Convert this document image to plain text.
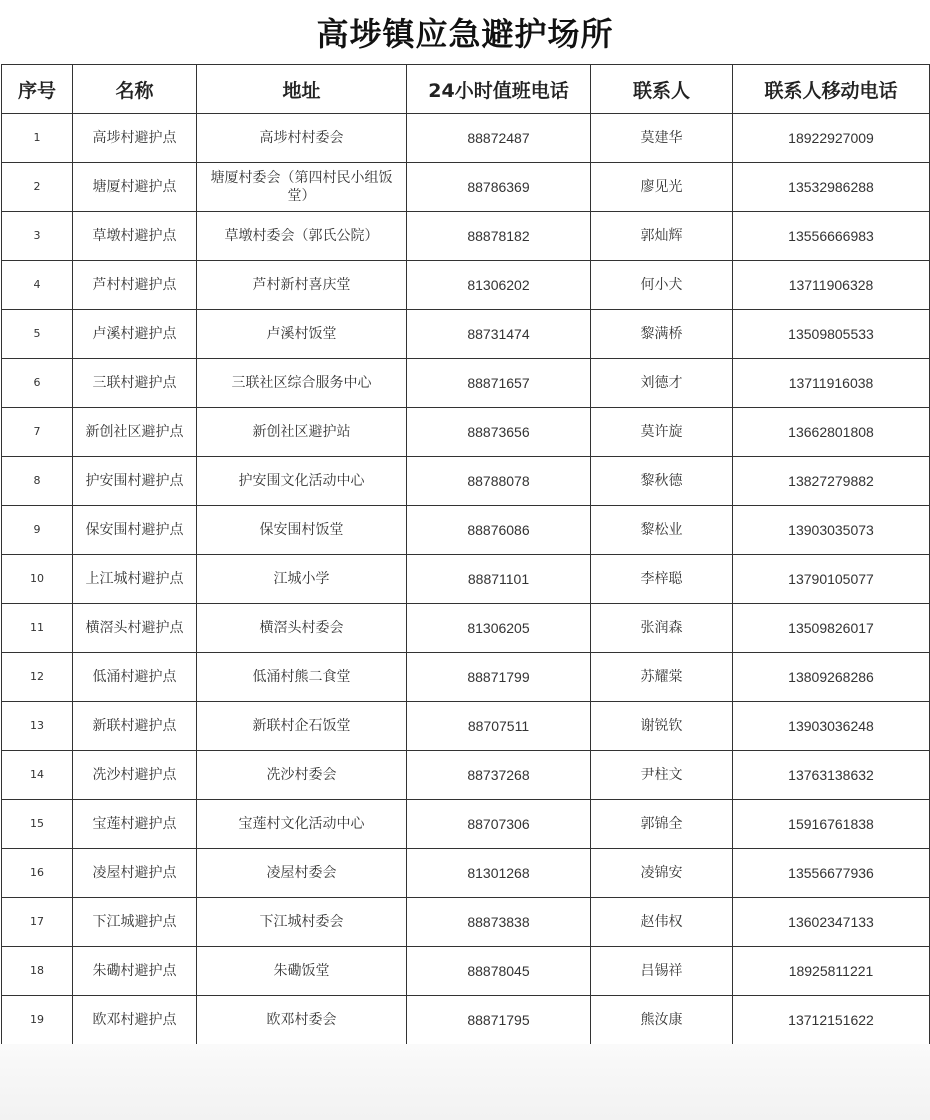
高埗镇应急避护场所
序号	名称	地址	24小时值班电话	联系人	联系人移动电话
1	高埗村避护点	高埗村村委会	88872487	莫建华	18922927009
2	塘厦村避护点	塘厦村委会（第四村民小组饭堂）	88786369	廖见光	13532986288
3	草墩村避护点	草墩村委会（郭氏公院）	88878182	郭灿辉	13556666983
4	芦村村避护点	芦村新村喜庆堂	81306202	何小犬	13711906328
5	卢溪村避护点	卢溪村饭堂	88731474	黎满桥	13509805533
6	三联村避护点	三联社区综合服务中心	88871657	刘德才	13711916038
7	新创社区避护点	新创社区避护站	88873656	莫许旋	13662801808
8	护安围村避护点	护安围文化活动中心	88788078	黎秋德	13827279882
9	保安围村避护点	保安围村饭堂	88876086	黎松业	13903035073
10	上江城村避护点	江城小学	88871101	李梓聪	13790105077
11	横滘头村避护点	横滘头村委会	81306205	张润森	13509826017
12	低涌村避护点	低涌村熊二食堂	88871799	苏耀棠	13809268286
13	新联村避护点	新联村企石饭堂	88707511	谢锐钦	13903036248
14	冼沙村避护点	冼沙村委会	88737268	尹柱文	13763138632
15	宝莲村避护点	宝莲村文化活动中心	88707306	郭锦全	15916761838
16	凌屋村避护点	凌屋村委会	81301268	凌锦安	13556677936
17	下江城避护点	下江城村委会	88873838	赵伟权	13602347133
18	朱磡村避护点	朱磡饭堂	88878045	吕锡祥	18925811221
19	欧邓村避护点	欧邓村委会	88871795	熊汝康	13712151622
